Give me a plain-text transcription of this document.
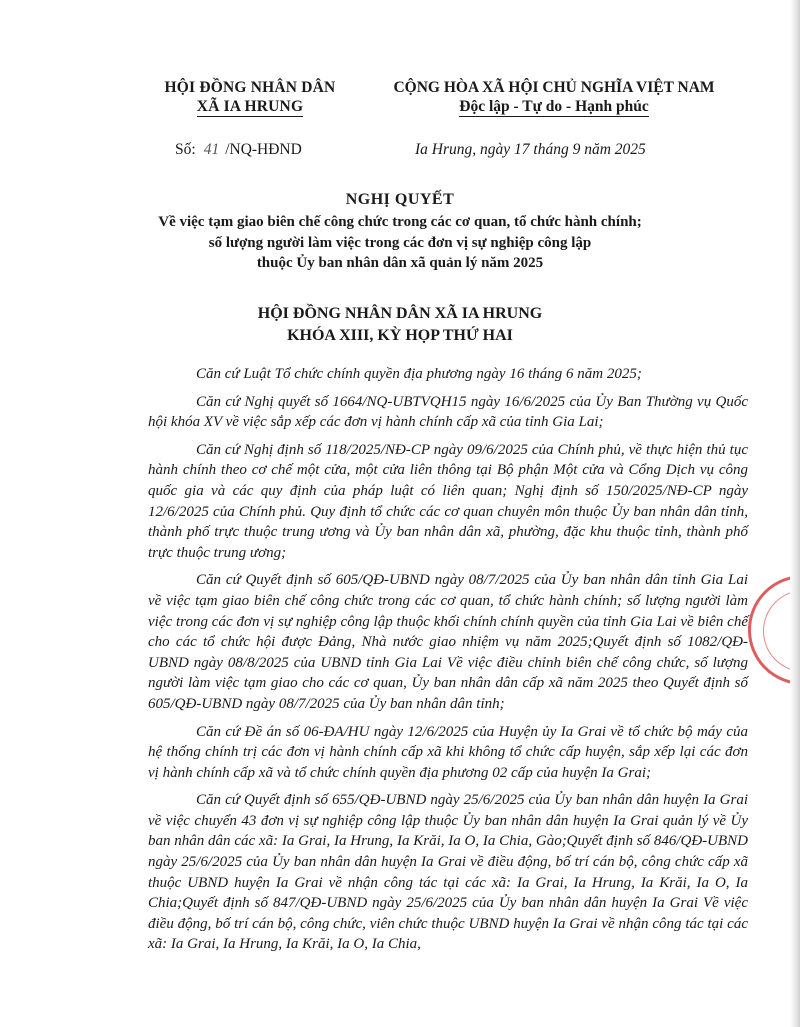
HỘI ĐỒNG NHÂN DÂN
XÃ IA HRUNG
CỘNG HÒA XÃ HỘI CHỦ NGHĨA VIỆT NAM
Độc lập - Tự do - Hạnh phúc
Số: 41 /NQ-HĐND	Ia Hrung, ngày 17 tháng 9 năm 2025
NGHỊ QUYẾT
Về việc tạm giao biên chế công chức trong các cơ quan, tổ chức hành chính;
số lượng người làm việc trong các đơn vị sự nghiệp công lập
thuộc Ủy ban nhân dân xã quản lý năm 2025
HỘI ĐỒNG NHÂN DÂN XÃ IA HRUNG
KHÓA XIII, KỲ HỌP THỨ HAI

Căn cứ Luật Tổ chức chính quyền địa phương ngày 16 tháng 6 năm 2025;

Căn cứ Nghị quyết số 1664/NQ-UBTVQH15 ngày 16/6/2025 của Ủy Ban Thường vụ Quốc hội khóa XV về việc sắp xếp các đơn vị hành chính cấp xã của tỉnh Gia Lai;

Căn cứ Nghị định số 118/2025/NĐ-CP ngày 09/6/2025 của Chính phủ, về thực hiện thủ tục hành chính theo cơ chế một cửa, một cửa liên thông tại Bộ phận Một cửa và Cổng Dịch vụ công quốc gia và các quy định của pháp luật có liên quan; Nghị định số 150/2025/NĐ-CP ngày 12/6/2025 của Chính phủ. Quy định tổ chức các cơ quan chuyên môn thuộc Ủy ban nhân dân tỉnh, thành phố trực thuộc trung ương và Ủy ban nhân dân xã, phường, đặc khu thuộc tỉnh, thành phố trực thuộc trung ương;

Căn cứ Quyết định số 605/QĐ-UBND ngày 08/7/2025 của Ủy ban nhân dân tỉnh Gia Lai về việc tạm giao biên chế công chức trong các cơ quan, tổ chức hành chính; số lượng người làm việc trong các đơn vị sự nghiệp công lập thuộc khối chính chính quyền của tỉnh Gia Lai về biên chế cho các tổ chức hội được Đảng, Nhà nước giao nhiệm vụ năm 2025;Quyết định số 1082/QĐ-UBND ngày 08/8/2025 của UBND tỉnh Gia Lai Về việc điều chỉnh biên chế công chức, số lượng người làm việc tạm giao cho các cơ quan, Ủy ban nhân dân cấp xã năm 2025 theo Quyết định số 605/QĐ-UBND ngày 08/7/2025 của Ủy ban nhân dân tỉnh;

Căn cứ Đề án số 06-ĐA/HU ngày 12/6/2025 của Huyện ủy Ia Grai về tổ chức bộ máy của hệ thống chính trị các đơn vị hành chính cấp xã khi không tổ chức cấp huyện, sắp xếp lại các đơn vị hành chính cấp xã và tổ chức chính quyền địa phương 02 cấp của huyện Ia Grai;

Căn cứ Quyết định số 655/QĐ-UBND ngày 25/6/2025 của Ủy ban nhân dân huyện Ia Grai về việc chuyển 43 đơn vị sự nghiệp công lập thuộc Ủy ban nhân dân huyện Ia Grai quản lý về Ủy ban nhân dân các xã: Ia Grai, Ia Hrung, Ia Krăi, Ia O, Ia Chia, Gào;Quyết định số 846/QĐ-UBND ngày 25/6/2025 của Ủy ban nhân dân huyện Ia Grai về điều động, bố trí cán bộ, công chức cấp xã thuộc UBND huyện Ia Grai về nhận công tác tại các xã: Ia Grai, Ia Hrung, Ia Krăi, Ia O, Ia Chia;Quyết định số 847/QĐ-UBND ngày 25/6/2025 của Ủy ban nhân dân huyện Ia Grai Về việc điều động, bố trí cán bộ, công chức, viên chức thuộc UBND huyện Ia Grai về nhận công tác tại các xã: Ia Grai, Ia Hrung, Ia Krăi, Ia O, Ia Chia,
